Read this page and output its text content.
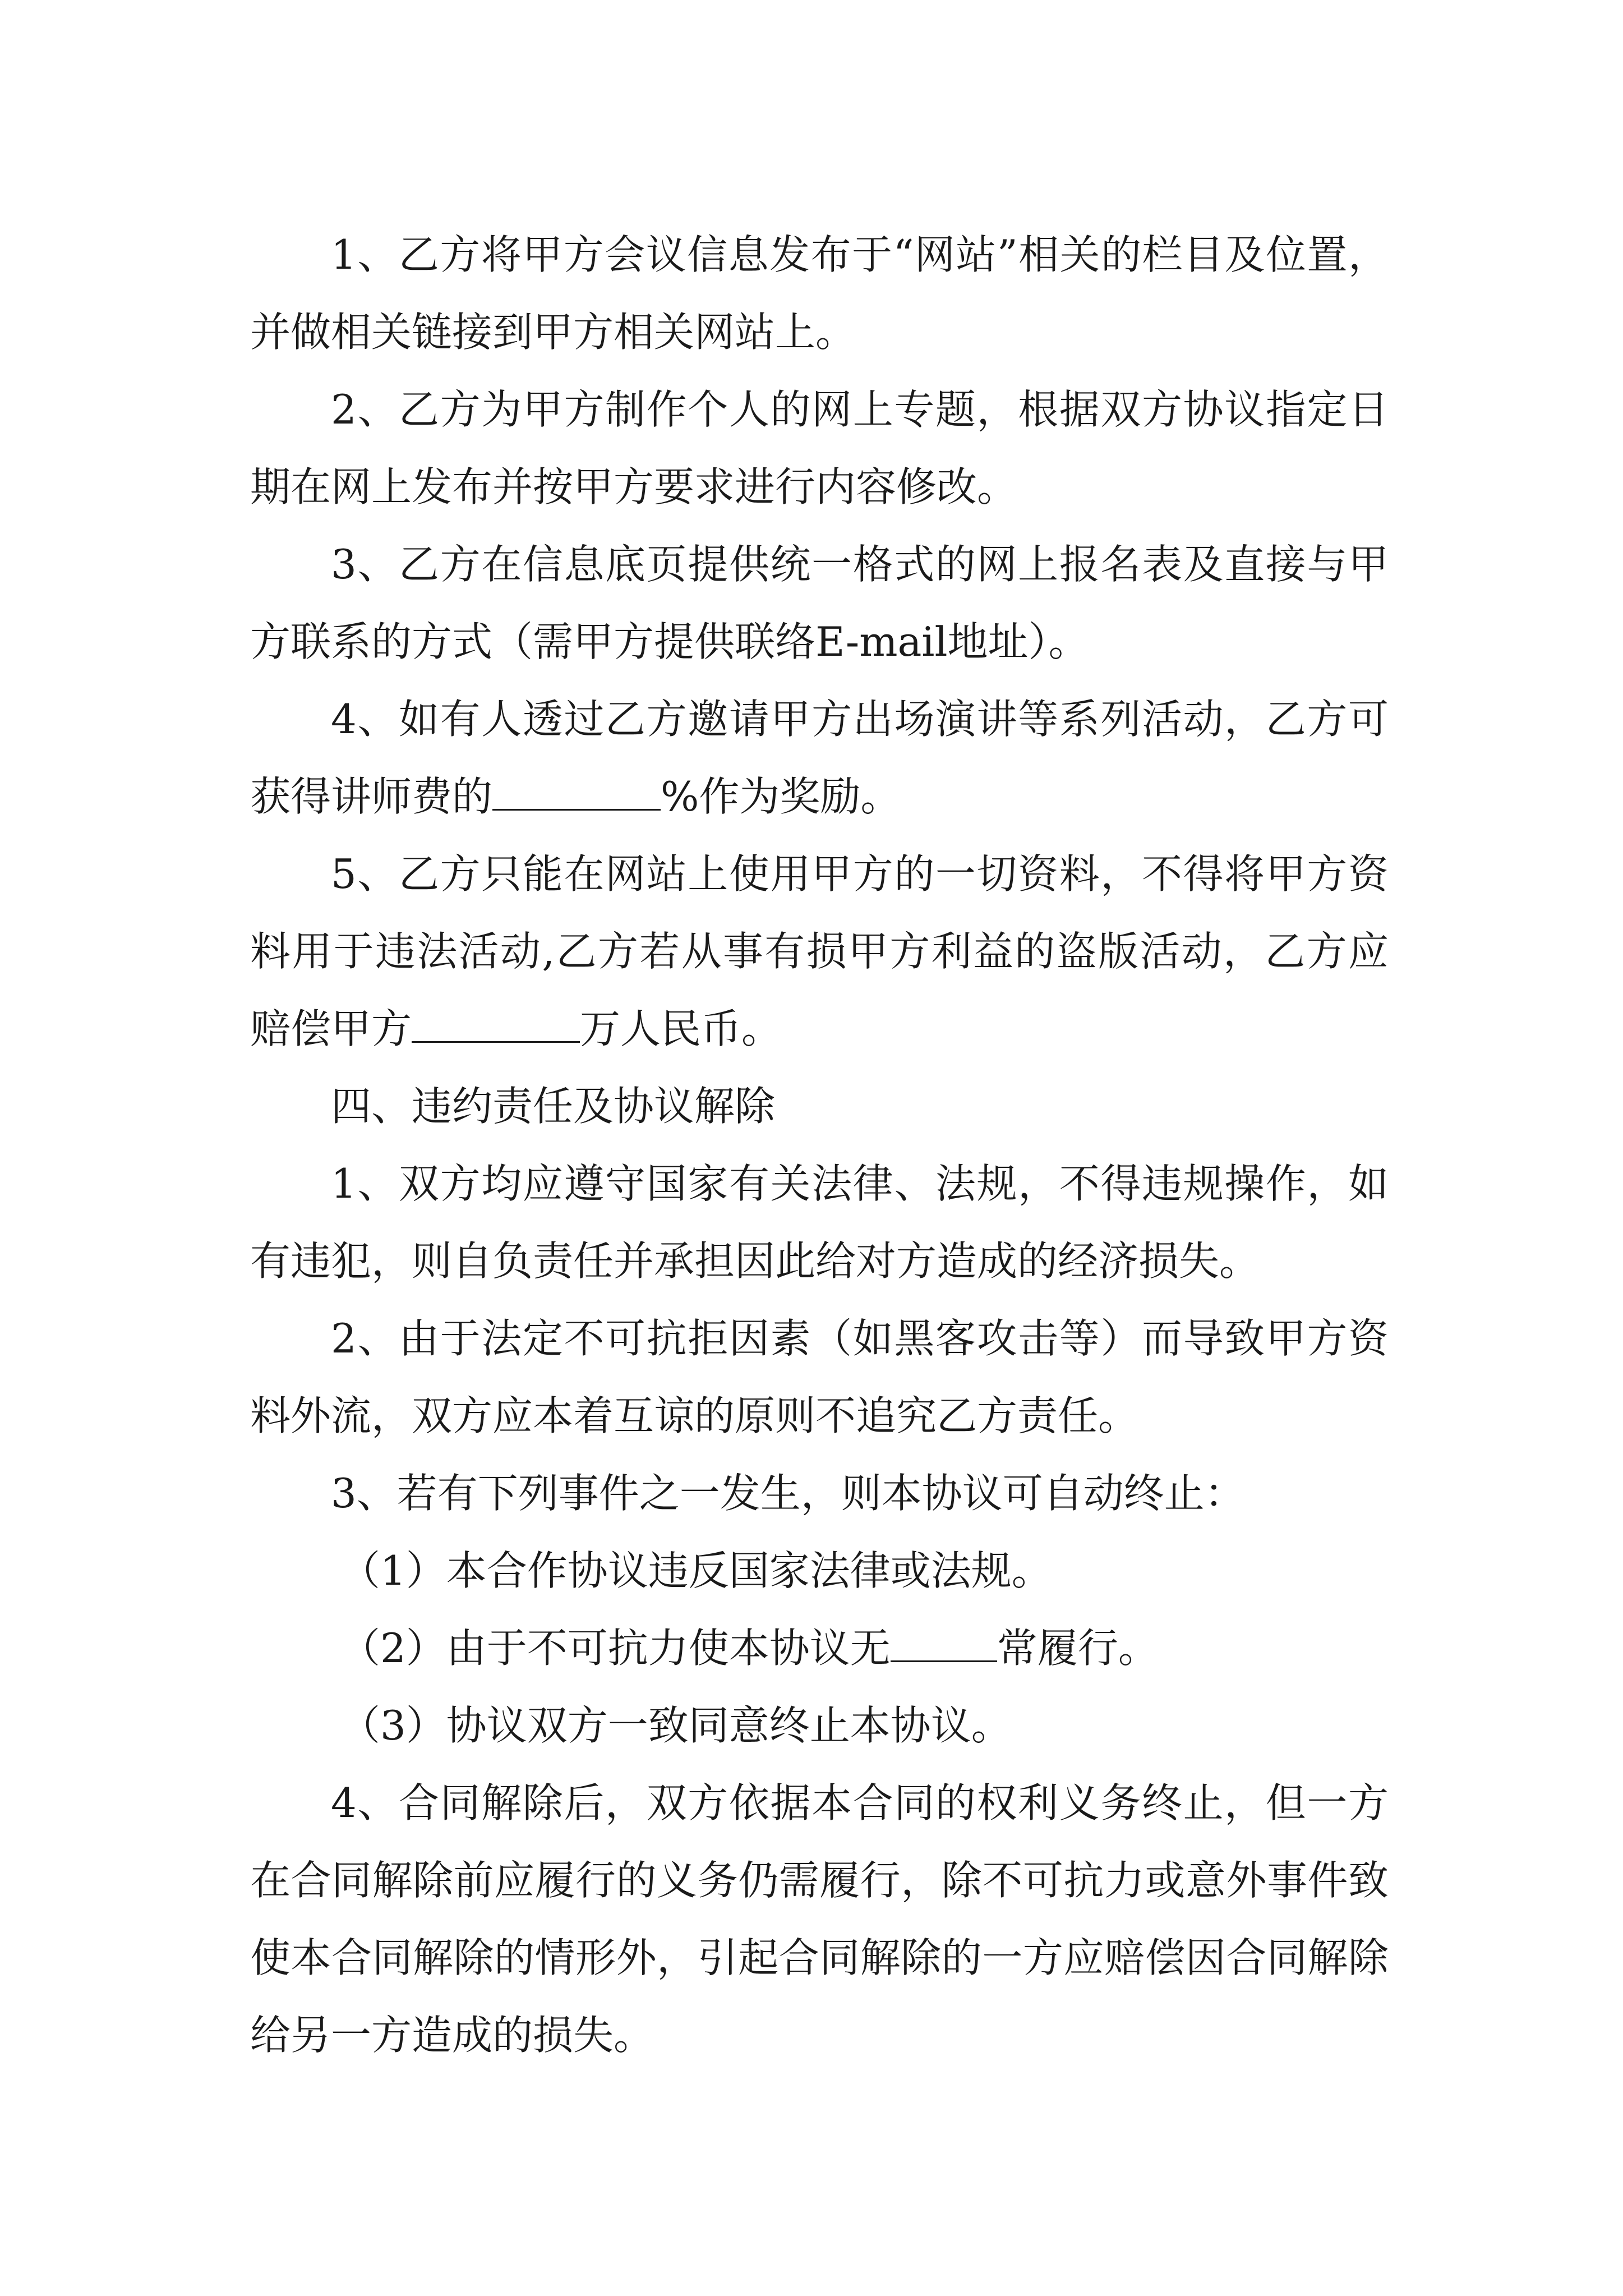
1、乙方将甲方会议信息发布于“网站”相关的栏目及位置，并做相关链接到甲方相关网站上。

2、乙方为甲方制作个人的网上专题，根据双方协议指定日期在网上发布并按甲方要求进行内容修改。

3、乙方在信息底页提供统一格式的网上报名表及直接与甲方联系的方式（需甲方提供联络E-mail地址）。

4、如有人透过乙方邀请甲方出场演讲等系列活动，乙方可获得讲师费的	%作为奖励。

5、乙方只能在网站上使用甲方的一切资料，不得将甲方资料用于违法活动,乙方若从事有损甲方利益的盗版活动，乙方应赔偿甲方	万人民币。

四、违约责任及协议解除

1、双方均应遵守国家有关法律、法规，不得违规操作，如有违犯，则自负责任并承担因此给对方造成的经济损失。

2、由于法定不可抗拒因素（如黑客攻击等）而导致甲方资料外流，双方应本着互谅的原则不追究乙方责任。

3、若有下列事件之一发生，则本协议可自动终止：

（1）本合作协议违反国家法律或法规。

（2）由于不可抗力使本协议无	常履行。

（3）协议双方一致同意终止本协议。

4、合同解除后，双方依据本合同的权利义务终止，但一方在合同解除前应履行的义务仍需履行，除不可抗力或意外事件致使本合同解除的情形外，引起合同解除的一方应赔偿因合同解除给另一方造成的损失。
